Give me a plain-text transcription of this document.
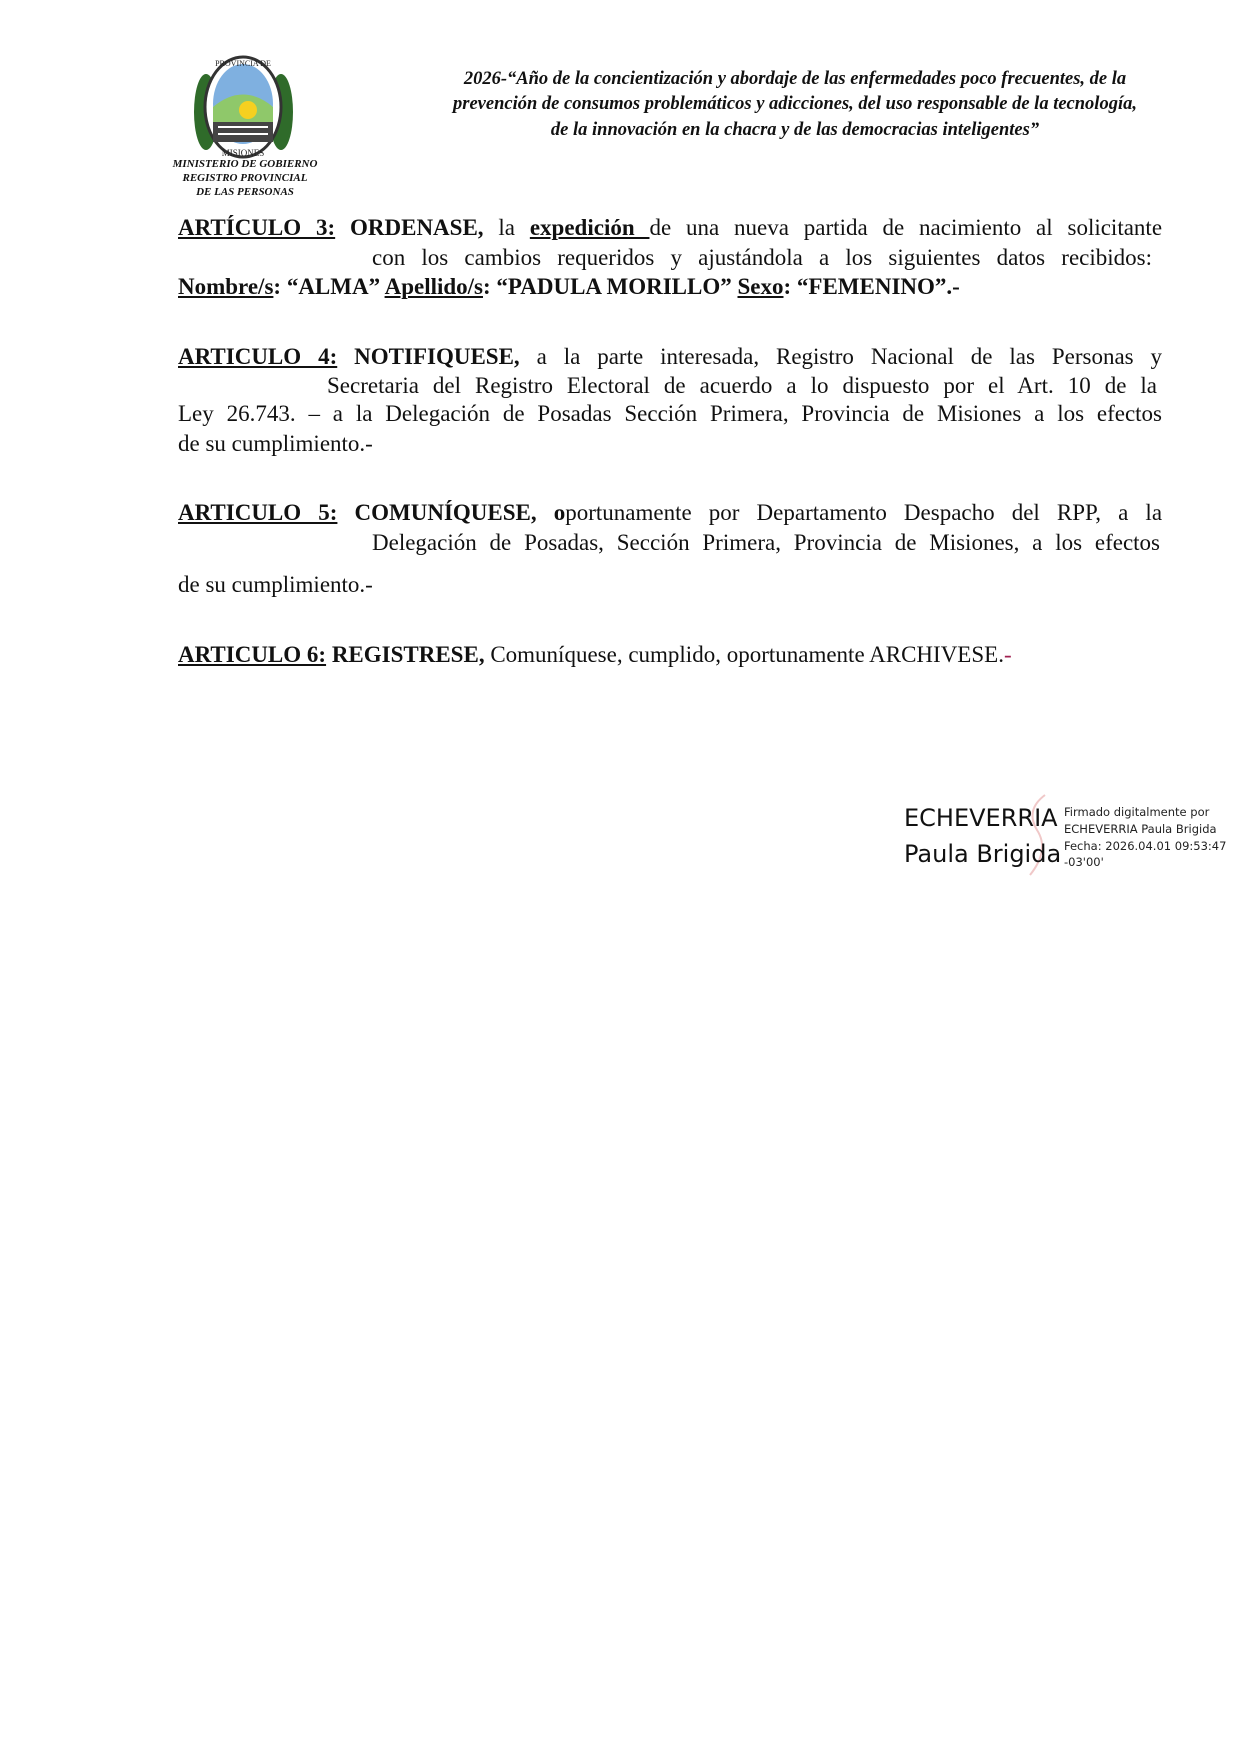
PROVINCIA DE
MISIONES
MINISTERIO DE GOBIERNO
REGISTRO PROVINCIAL
DE LAS PERSONAS
2026-“Año de la concientización y abordaje de las enfermedades poco frecuentes, de la
prevención de consumos problemáticos y adicciones, del uso responsable de la tecnología,
de la innovación en la chacra y de las democracias inteligentes”
ARTÍCULO 3: ORDENASE, la expedición de una nueva partida de nacimiento al solicitante
con los cambios requeridos y ajustándola a los siguientes datos recibidos:
Nombre/s: “ALMA” Apellido/s: “PADULA MORILLO” Sexo: “FEMENINO”.-
ARTICULO 4: NOTIFIQUESE, a la parte interesada, Registro Nacional de las Personas y
Secretaria del Registro Electoral de acuerdo a lo dispuesto por el Art. 10 de la
Ley 26.743. – a la Delegación de Posadas Sección Primera, Provincia de Misiones a los efectos
de su cumplimiento.-
ARTICULO 5: COMUNÍQUESE, oportunamente por Departamento Despacho del RPP, a la
Delegación de Posadas, Sección Primera, Provincia de Misiones, a los efectos
de su cumplimiento.-
ARTICULO 6: REGISTRESE, Comuníquese, cumplido, oportunamente ARCHIVESE.-
ECHEVERRIA
Paula Brigida
Firmado digitalmente por
ECHEVERRIA Paula Brigida
Fecha: 2026.04.01 09:53:47
-03'00'
